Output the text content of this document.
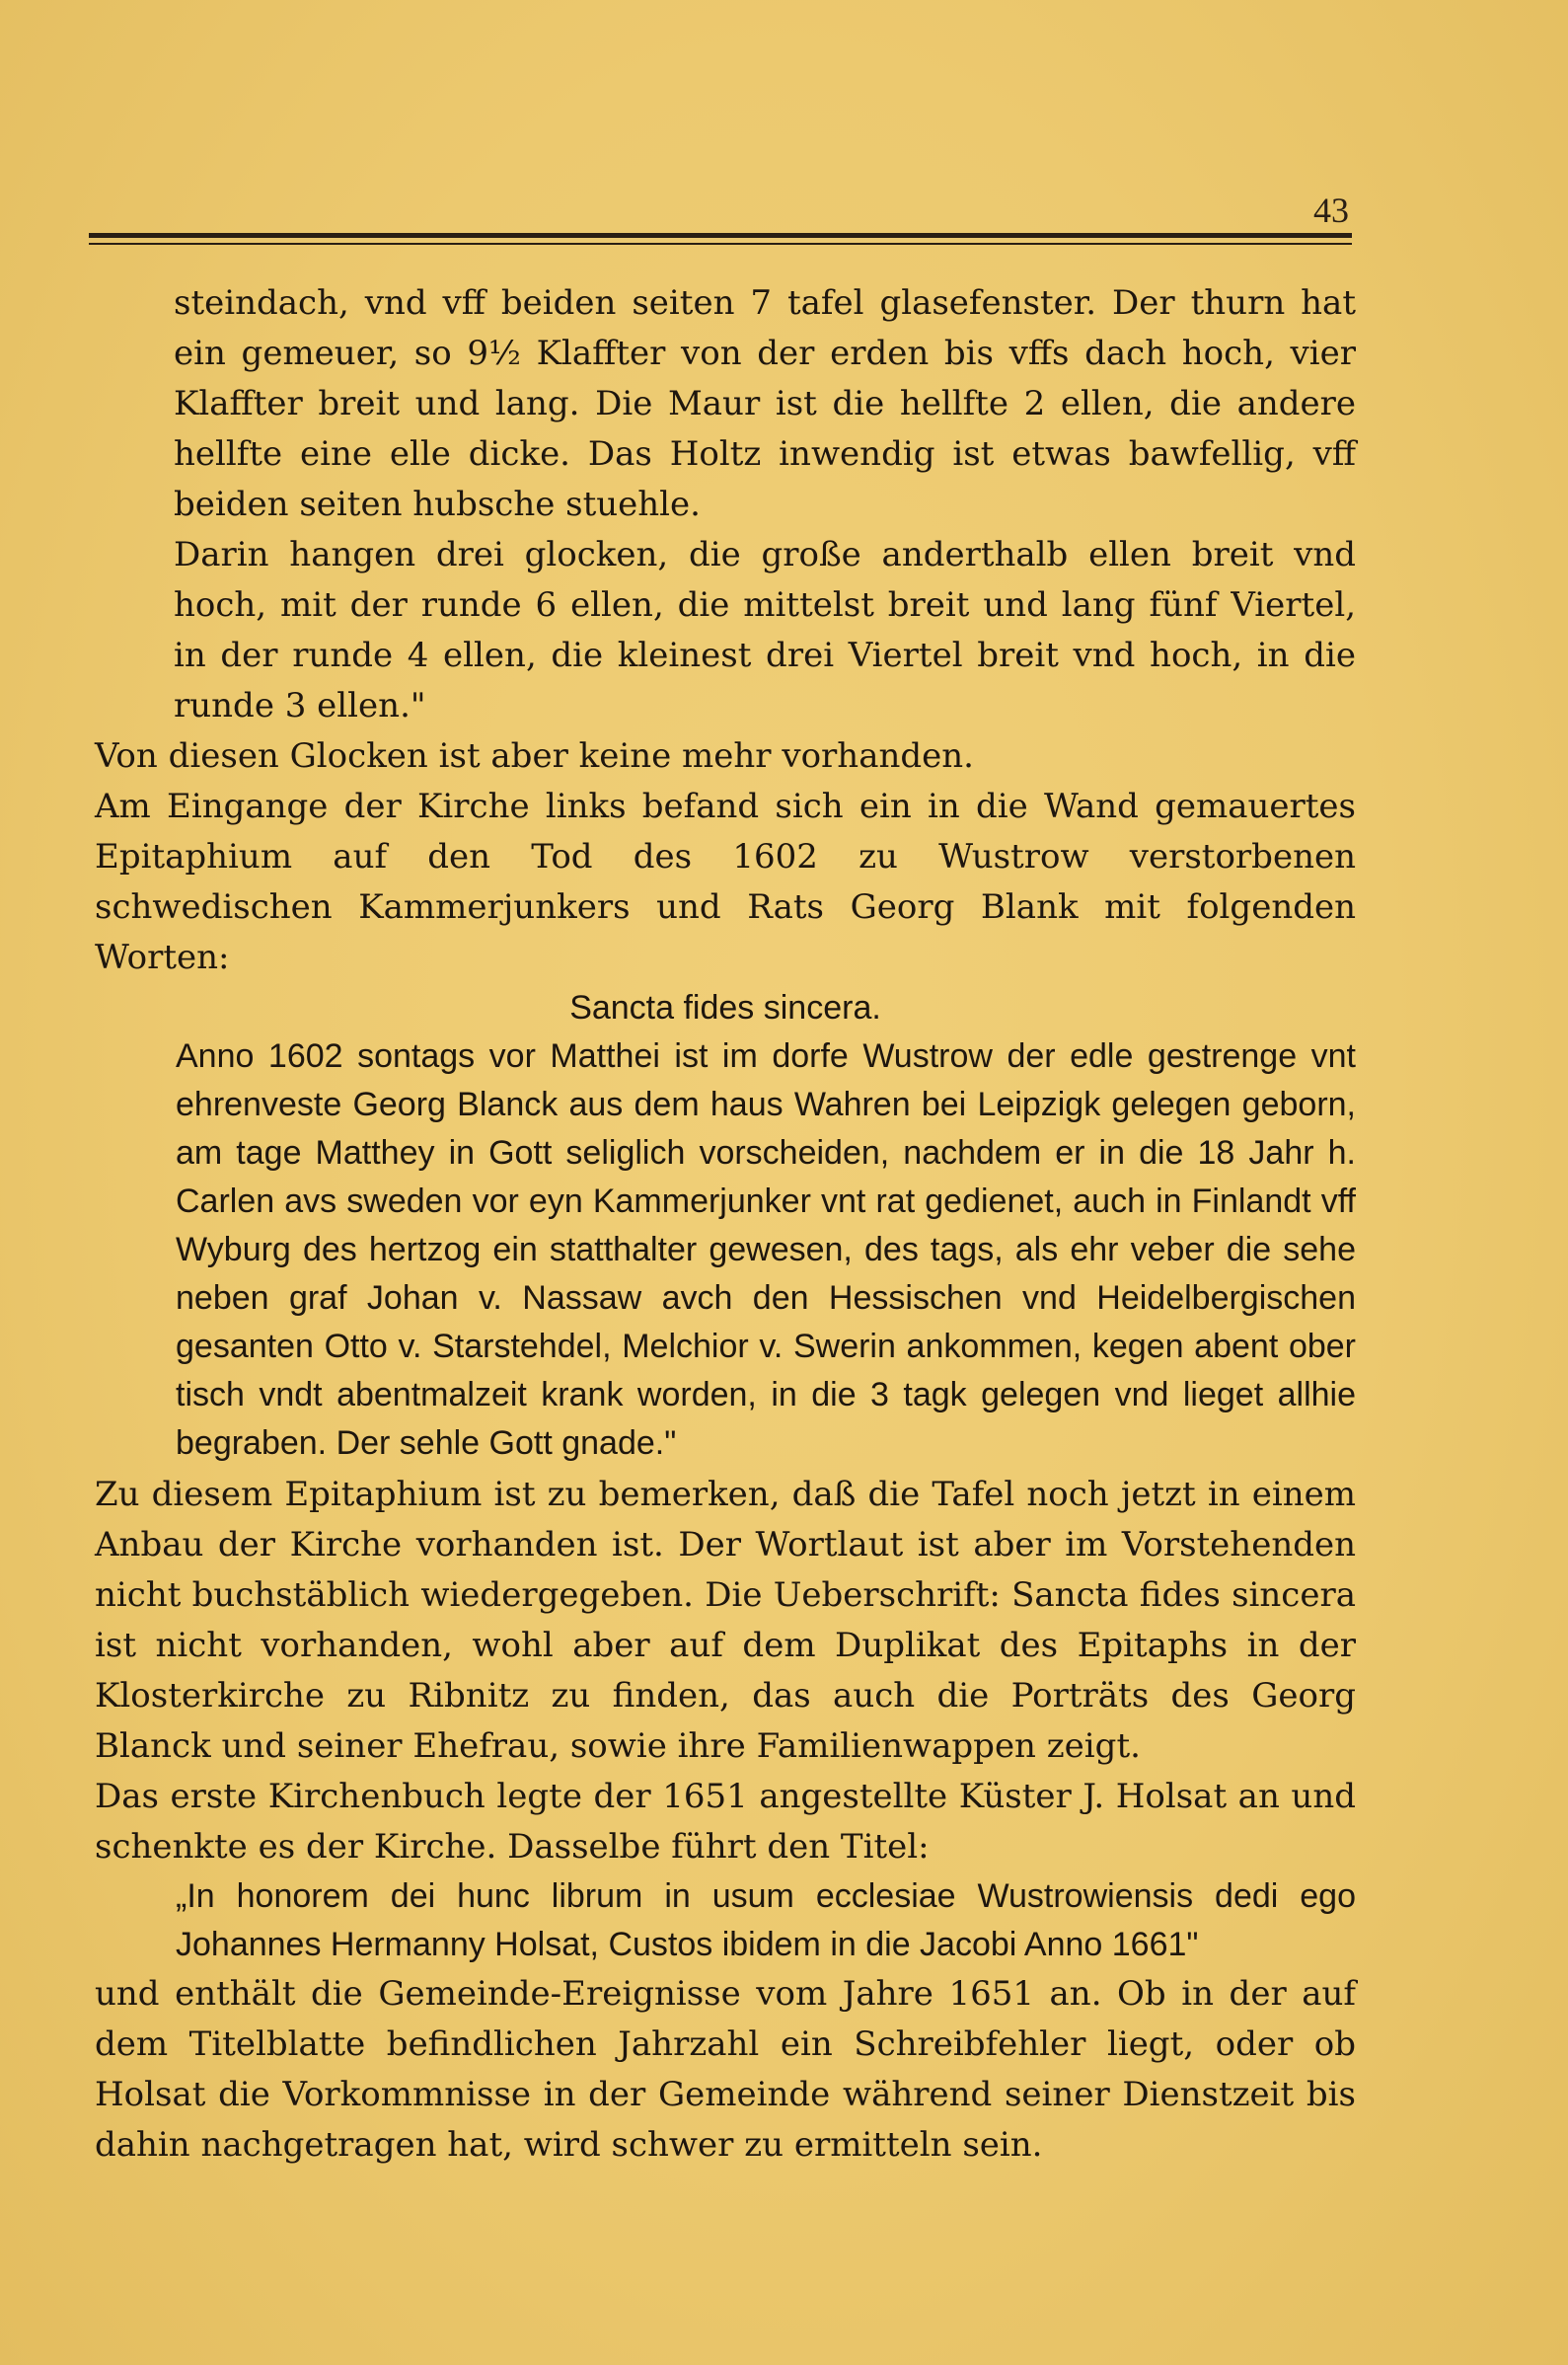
43

steindach, vnd vff beiden seiten 7 tafel glasefenster. Der thurn hat ein gemeuer, so 9½ Klaffter von der erden bis vffs dach hoch, vier Klaffter breit und lang. Die Maur ist die hellfte 2 ellen, die andere hellfte eine elle dicke. Das Holtz inwendig ist etwas bawfellig, vff beiden seiten hubsche stuehle.

Darin hangen drei glocken, die große anderthalb ellen breit vnd hoch, mit der runde 6 ellen, die mittelst breit und lang fünf Viertel, in der runde 4 ellen, die kleinest drei Viertel breit vnd hoch, in die runde 3 ellen."

Von diesen Glocken ist aber keine mehr vorhanden.

Am Eingange der Kirche links befand sich ein in die Wand gemauertes Epitaphium auf den Tod des 1602 zu Wustrow verstorbenen schwedischen Kammerjunkers und Rats Georg Blank mit folgenden Worten:

Sancta fides sincera.

Anno 1602 sontags vor Matthei ist im dorfe Wustrow der edle gestrenge vnt ehrenveste Georg Blanck aus dem haus Wahren bei Leipzigk gelegen geborn, am tage Matthey in Gott seliglich vorscheiden, nachdem er in die 18 Jahr h. Carlen avs sweden vor eyn Kammerjunker vnt rat gedienet, auch in Finlandt vff Wyburg des hertzog ein statthalter gewesen, des tags, als ehr veber die sehe neben graf Johan v. Nassaw avch den Hessischen vnd Heidelbergischen gesanten Otto v. Starstehdel, Melchior v. Swerin ankommen, kegen abent ober tisch vndt abentmalzeit krank worden, in die 3 tagk gelegen vnd lieget allhie begraben. Der sehle Gott gnade."

Zu diesem Epitaphium ist zu bemerken, daß die Tafel noch jetzt in einem Anbau der Kirche vorhanden ist. Der Wortlaut ist aber im Vorstehenden nicht buchstäblich wiedergegeben. Die Ueberschrift: Sancta fides sincera ist nicht vorhanden, wohl aber auf dem Duplikat des Epitaphs in der Klosterkirche zu Ribnitz zu finden, das auch die Porträts des Georg Blanck und seiner Ehefrau, sowie ihre Familienwappen zeigt.

Das erste Kirchenbuch legte der 1651 angestellte Küster J. Holsat an und schenkte es der Kirche. Dasselbe führt den Titel:

„In honorem dei hunc librum in usum ecclesiae Wustrowiensis dedi ego Johannes Hermanny Holsat, Custos ibidem in die Jacobi Anno 1661"

und enthält die Gemeinde-Ereignisse vom Jahre 1651 an. Ob in der auf dem Titelblatte befindlichen Jahrzahl ein Schreibfehler liegt, oder ob Holsat die Vorkommnisse in der Gemeinde während seiner Dienstzeit bis dahin nachgetragen hat, wird schwer zu ermitteln sein.
